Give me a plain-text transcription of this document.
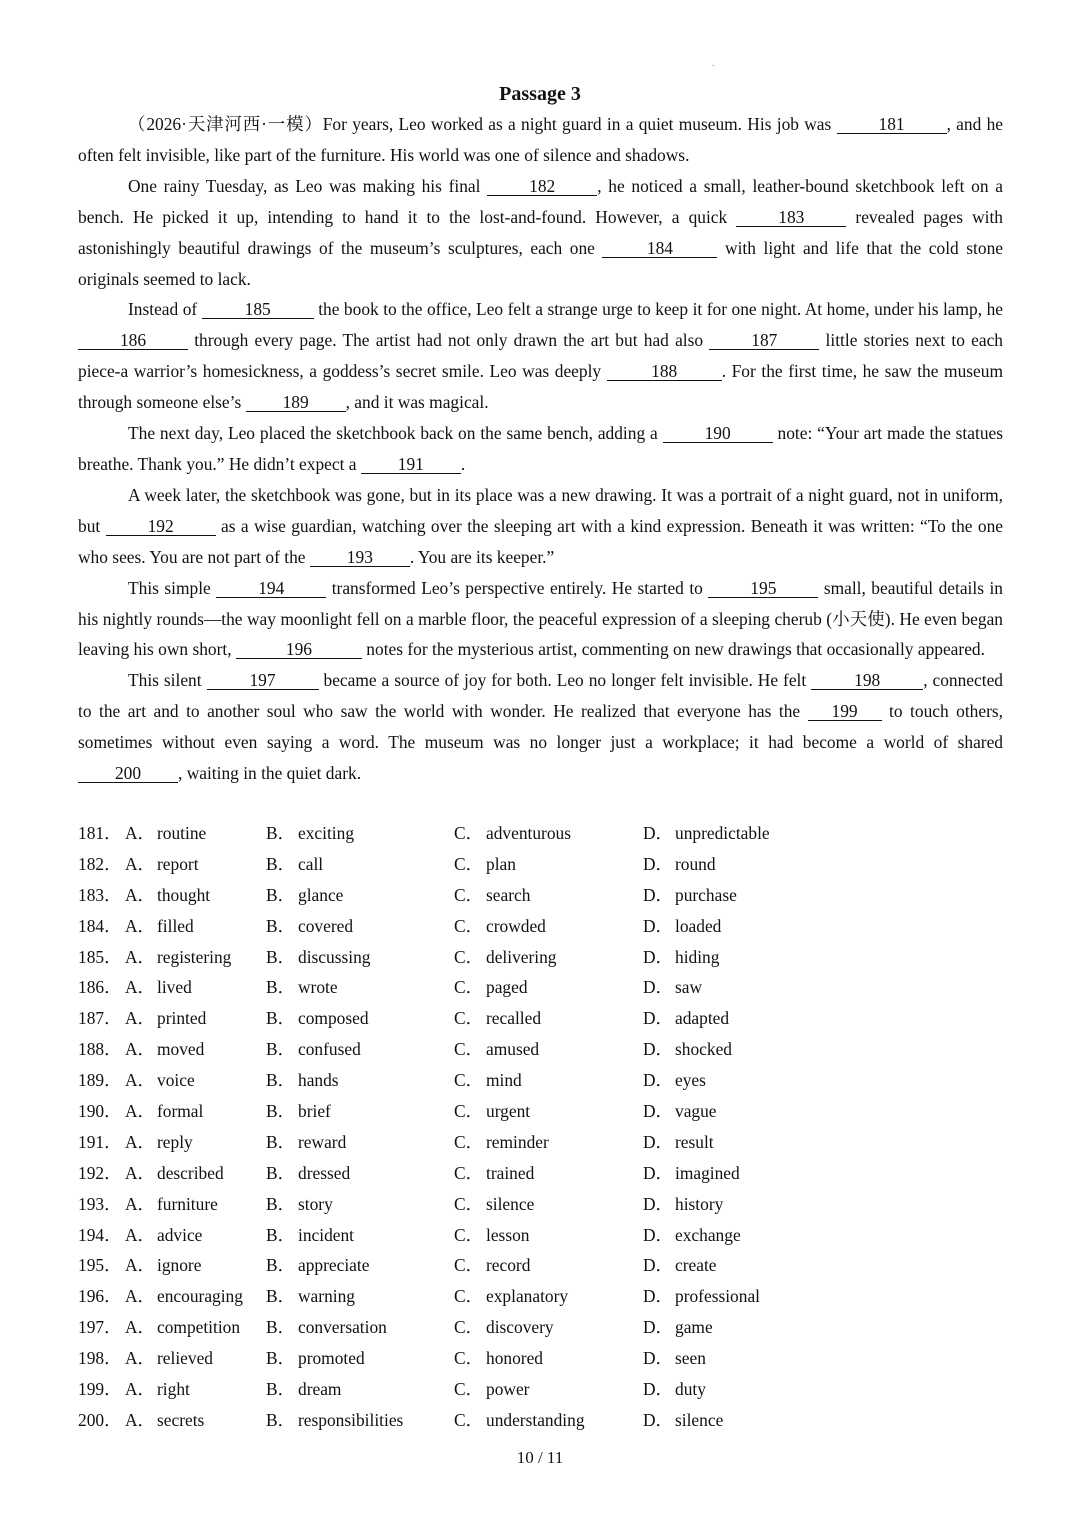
.
Passage 3

（2026·天津河西·一模）For years, Leo worked as a night guard in a quiet museum. His job was 181 , and he often felt invisible, like part of the furniture. His world was one of silence and shadows.

One rainy Tuesday, as Leo was making his final 182 , he noticed a small, leather-bound sketchbook left on a bench. He picked it up, intending to hand it to the lost-and-found. However, a quick 183 revealed pages with astonishingly beautiful drawings of the museum’s sculptures, each one	184	with light and life that the cold stone originals seemed to lack.

Instead of 185 the book to the office, Leo felt a strange urge to keep it for one night. At home, under his lamp, he 186 through every page. The artist had not only drawn the art but had also 187 little stories next to each piece-a warrior’s homesickness, a goddess’s secret smile. Leo was deeply	188	. For the first time, he saw the museum through someone else’s 189 , and it was magical.

The next day, Leo placed the sketchbook back on the same bench, adding a 190 note: “Your art made the statues breathe. Thank you.” He didn’t expect a 191 .

A week later, the sketchbook was gone, but in its place was a new drawing. It was a portrait of a night guard, not in uniform, but 192 as a wise guardian, watching over the sleeping art with a kind expression. Beneath it was written: “To the one who sees. You are not part of the 193 . You are its keeper.”

This simple 194 transformed Leo’s perspective entirely. He started to 195 small, beautiful details in his nightly rounds—the way moonlight fell on a marble floor, the peaceful expression of a sleeping cherub (小天使). He even began leaving his own short,	196	notes for the mysterious artist, commenting on new drawings that occasionally appeared.

This silent 197 became a source of joy for both. Leo no longer felt invisible. He felt 198 , connected to the art and to another soul who saw the world with wonder. He realized that everyone has the 199 to touch others, sometimes without even saying a word. The museum was no longer just a workplace; it had become a world of shared 200 , waiting in the quiet dark.

181． A． routine	B． exciting	C． adventurous	D． unpredictable
182． A． report	B． call	C． plan	D． round
183． A． thought	B． glance	C． search	D． purchase
184． A． filled	B． covered	C． crowded	D． loaded
185． A． registering B． discussing	C． delivering	D． hiding
186． A． lived	B． wrote	C． paged	D． saw
187． A． printed	B． composed	C． recalled	D． adapted
188． A． moved	B． confused	C． amused	D． shocked
189． A． voice	B． hands	C． mind	D． eyes
190． A． formal	B． brief	C． urgent	D． vague
191． A． reply	B． reward	C． reminder	D． result
192． A． described B． dressed	C． trained	D． imagined
193． A． furniture	B． story	C． silence	D． history
194． A． advice	B． incident	C． lesson	D． exchange
195． A． ignore	B． appreciate	C． record	D． create
196． A． encouraging B． warning	C． explanatory	D． professional
197． A． competition B． conversation	C． discovery	D． game
198． A． relieved	B． promoted	C． honored	D． seen
199． A． right	B． dream	C． power	D． duty
200． A． secrets	B． responsibilities	C． understanding	D． silence
10 / 11
